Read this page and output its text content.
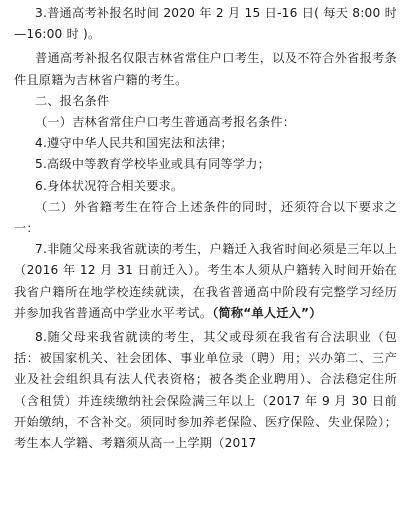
3.普通高考补报名时间 2020 年 2 月 15 日-16 日( 每天 8:00 时—16:00 时 )。

普通高考补报名仅限吉林省常住户口考生，以及不符合外省报考条件且原籍为吉林省户籍的考生。

二、报名条件

（一）吉林省常住户口考生普通高考报名条件：

4.遵守中华人民共和国宪法和法律；

5.高级中等教育学校毕业或具有同等学力；

6.身体状况符合相关要求。

（二）外省籍考生在符合上述条件的同时，还须符合以下要求之一：

7.非随父母来我省就读的考生，户籍迁入我省时间必须是三年以上（2016 年 12 月 31 日前迁入）。考生本人须从户籍转入时间开始在我省户籍所在地学校连续就读，在我省普通高中阶段有完整学习经历并参加我省普通高中学业水平考试。（简称“单人迁入”）

8.随父母来我省就读的考生，其父或母须在我省有合法职业（包括：被国家机关、社会团体、事业单位录（聘）用；兴办第二、三产业及社会组织具有法人代表资格；被各类企业聘用）、合法稳定住所（含租赁）并连续缴纳社会保险满三年以上（2017 年 9 月 30 日前开始缴纳，不含补交。须同时参加养老保险、医疗保险、失业保险）；考生本人学籍、考籍须从高一上学期（2017
